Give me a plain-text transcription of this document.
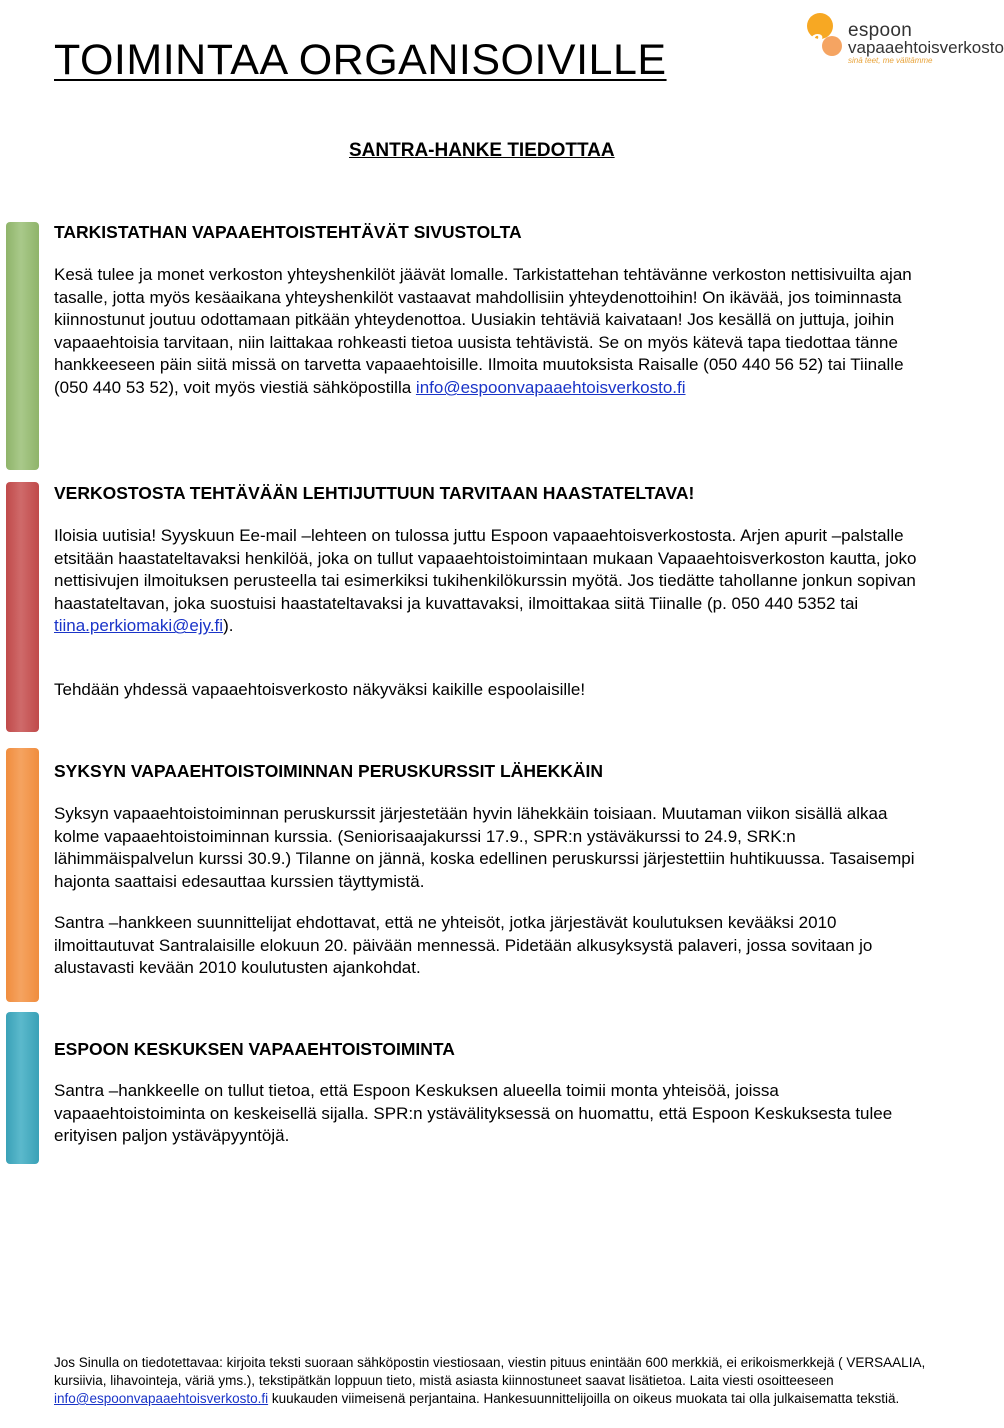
TOIMINTAA ORGANISOIVILLE	e espoon
vapaaehtoisverkosto
sinä teet, me välitämme
SANTRA-HANKE TIEDOTTAA
TARKISTATHAN VAPAAEHTOISTEHTÄVÄT SIVUSTOLTA

Kesä tulee ja monet verkoston yhteyshenkilöt jäävät lomalle. Tarkistattehan tehtävänne verkoston nettisivuilta ajan tasalle, jotta myös kesäaikana yhteyshenkilöt vastaavat mahdollisiin yhteydenottoihin! On ikävää, jos toiminnasta kiinnostunut joutuu odottamaan pitkään yhteydenottoa. Uusiakin tehtäviä kaivataan! Jos kesällä on juttuja, joihin vapaaehtoisia tarvitaan, niin laittakaa rohkeasti tietoa uusista tehtävistä. Se on myös kätevä tapa tiedottaa tänne hankkeeseen päin siitä missä on tarvetta vapaaehtoisille. Ilmoita muutoksista Raisalle (050 440 56 52) tai Tiinalle (050 440 53 52), voit myös viestiä sähköpostilla info@espoonvapaaehtoisverkosto.fi

VERKOSTOSTA TEHTÄVÄÄN LEHTIJUTTUUN TARVITAAN HAASTATELTAVA!

Iloisia uutisia! Syyskuun Ee-mail –lehteen on tulossa juttu Espoon vapaaehtoisverkostosta. Arjen apurit –palstalle etsitään haastateltavaksi henkilöä, joka on tullut vapaaehtoistoimintaan mukaan Vapaaehtoisverkoston kautta, joko nettisivujen ilmoituksen perusteella tai esimerkiksi tukihenkilökurssin myötä. Jos tiedätte tahollanne jonkun sopivan haastateltavan, joka suostuisi haastateltavaksi ja kuvattavaksi, ilmoittakaa siitä Tiinalle (p. 050 440 5352 tai tiina.perkiomaki@ejy.fi).

Tehdään yhdessä vapaaehtoisverkosto näkyväksi kaikille espoolaisille!

SYKSYN VAPAAEHTOISTOIMINNAN PERUSKURSSIT LÄHEKKÄIN

Syksyn vapaaehtoistoiminnan peruskurssit järjestetään hyvin lähekkäin toisiaan. Muutaman viikon sisällä alkaa kolme vapaaehtoistoiminnan kurssia. (Seniorisaajakurssi 17.9., SPR:n ystäväkurssi to 24.9, SRK:n lähimmäispalvelun kurssi 30.9.) Tilanne on jännä, koska edellinen peruskurssi järjestettiin huhtikuussa. Tasaisempi hajonta saattaisi edesauttaa kurssien täyttymistä.

Santra –hankkeen suunnittelijat ehdottavat, että ne yhteisöt, jotka järjestävät koulutuksen kevääksi 2010 ilmoittautuvat Santralaisille elokuun 20. päivään mennessä. Pidetään alkusyksystä palaveri, jossa sovitaan jo alustavasti kevään 2010 koulutusten ajankohdat.

ESPOON KESKUKSEN VAPAAEHTOISTOIMINTA

Santra –hankkeelle on tullut tietoa, että Espoon Keskuksen alueella toimii monta yhteisöä, joissa vapaaehtoistoiminta on keskeisellä sijalla. SPR:n ystävälityksessä on huomattu, että Espoon Keskuksesta tulee erityisen paljon ystäväpyyntöjä.

Jos Sinulla on tiedotettavaa: kirjoita teksti suoraan sähköpostin viestiosaan, viestin pituus enintään 600 merkkiä, ei erikoismerkkejä ( VERSAALIA, kursiivia, lihavointeja, väriä yms.), tekstipätkän loppuun tieto, mistä asiasta kiinnostuneet saavat lisätietoa. Laita viesti osoitteeseen info@espoonvapaaehtoisverkosto.fi kuukauden viimeisenä perjantaina. Hankesuunnittelijoilla on oikeus muokata tai olla julkaisematta tekstiä.
